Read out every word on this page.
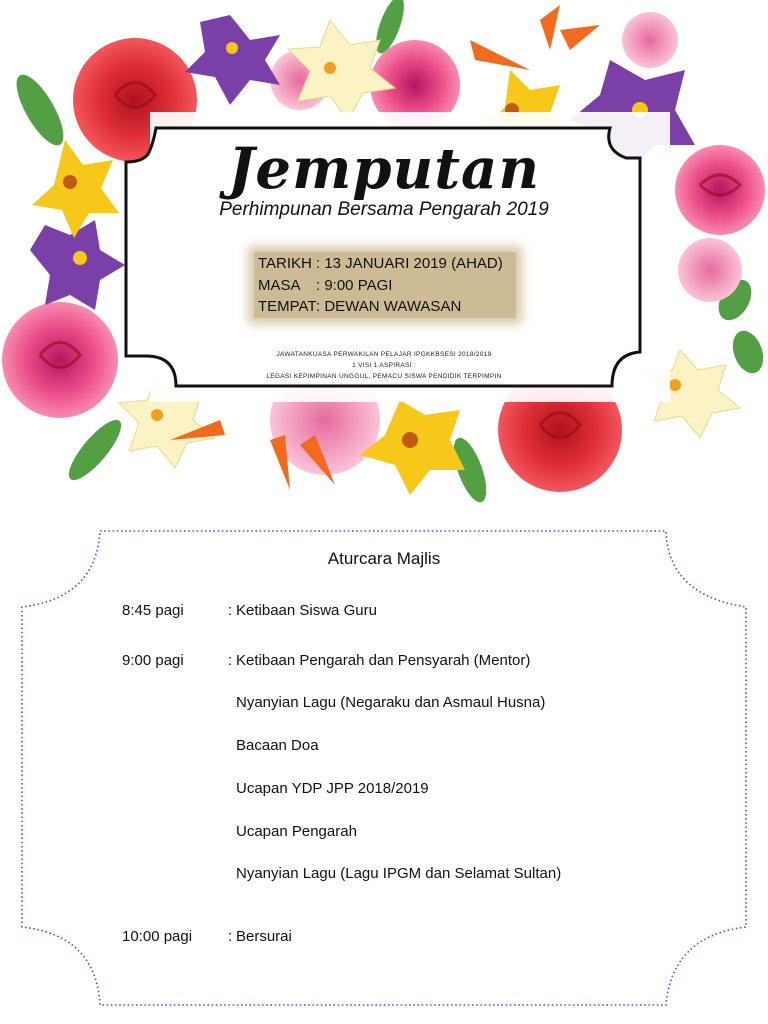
Jemputan
Perhimpunan Bersama Pengarah 2019
TARIKH : 13 JANUARI 2019 (AHAD)
MASA : 9:00 PAGI
TEMPAT: DEWAN WAWASAN
JAWATANKUASA PERWAKILAN PELAJAR IPGKKBSESI 2018/2019
1 VISI 1 ASPIRASI :
LEGASI KEPIMPINAN UNGGUL, PEMACU SISWA PENDIDIK TERPIMPIN
Aturcara Majlis
8:45 pagi	: Ketibaan Siswa Guru
9:00 pagi	: Ketibaan Pengarah dan Pensyarah (Mentor)
Nyanyian Lagu (Negaraku dan Asmaul Husna)
Bacaan Doa
Ucapan YDP JPP 2018/2019
Ucapan Pengarah
Nyanyian Lagu (Lagu IPGM dan Selamat Sultan)
10:00 pagi : Bersurai
